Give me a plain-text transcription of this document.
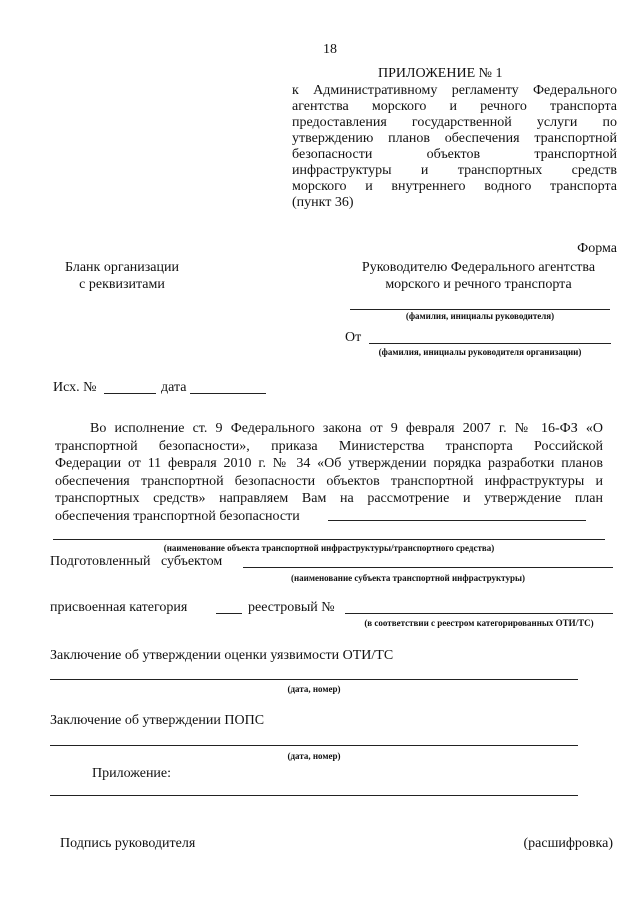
18
ПРИЛОЖЕНИЕ № 1
к Административному регламенту Федерального
агентства морского и речного транспорта
предоставления государственной услуги по
утверждению планов обеспечения транспортной
безопасности объектов транспортной
инфраструктуры и транспортных средств
морского и внутреннего водного транспорта
(пункт 36)
Форма
Бланк организации
с реквизитами
Руководителю Федерального агентства
морского и речного транспорта
(фамилия, инициалы руководителя)
От
(фамилия, инициалы руководителя организации)
Исх. №	дата
Во исполнение ст. 9 Федерального закона от 9 февраля 2007 г. № 16-ФЗ «О
транспортной безопасности», приказа Министерства транспорта Российской
Федерации от 11 февраля 2010 г. № 34 «Об утверждении порядка разработки планов
обеспечения транспортной безопасности объектов транспортной инфраструктуры и
транспортных средств» направляем Вам на рассмотрение и утверждение план
обеспечения транспортной безопасности
(наименование объекта транспортной инфраструктуры/транспортного средства)
Подготовленный субъектом
(наименование субъекта транспортной инфраструктуры)
присвоенная категория	реестровый №
(в соответствии с реестром категорированных ОТИ/ТС)
Заключение об утверждении оценки уязвимости ОТИ/ТС
(дата, номер)
Заключение об утверждении ПОПС
(дата, номер)
Приложение:
Подпись руководителя	(расшифровка)
